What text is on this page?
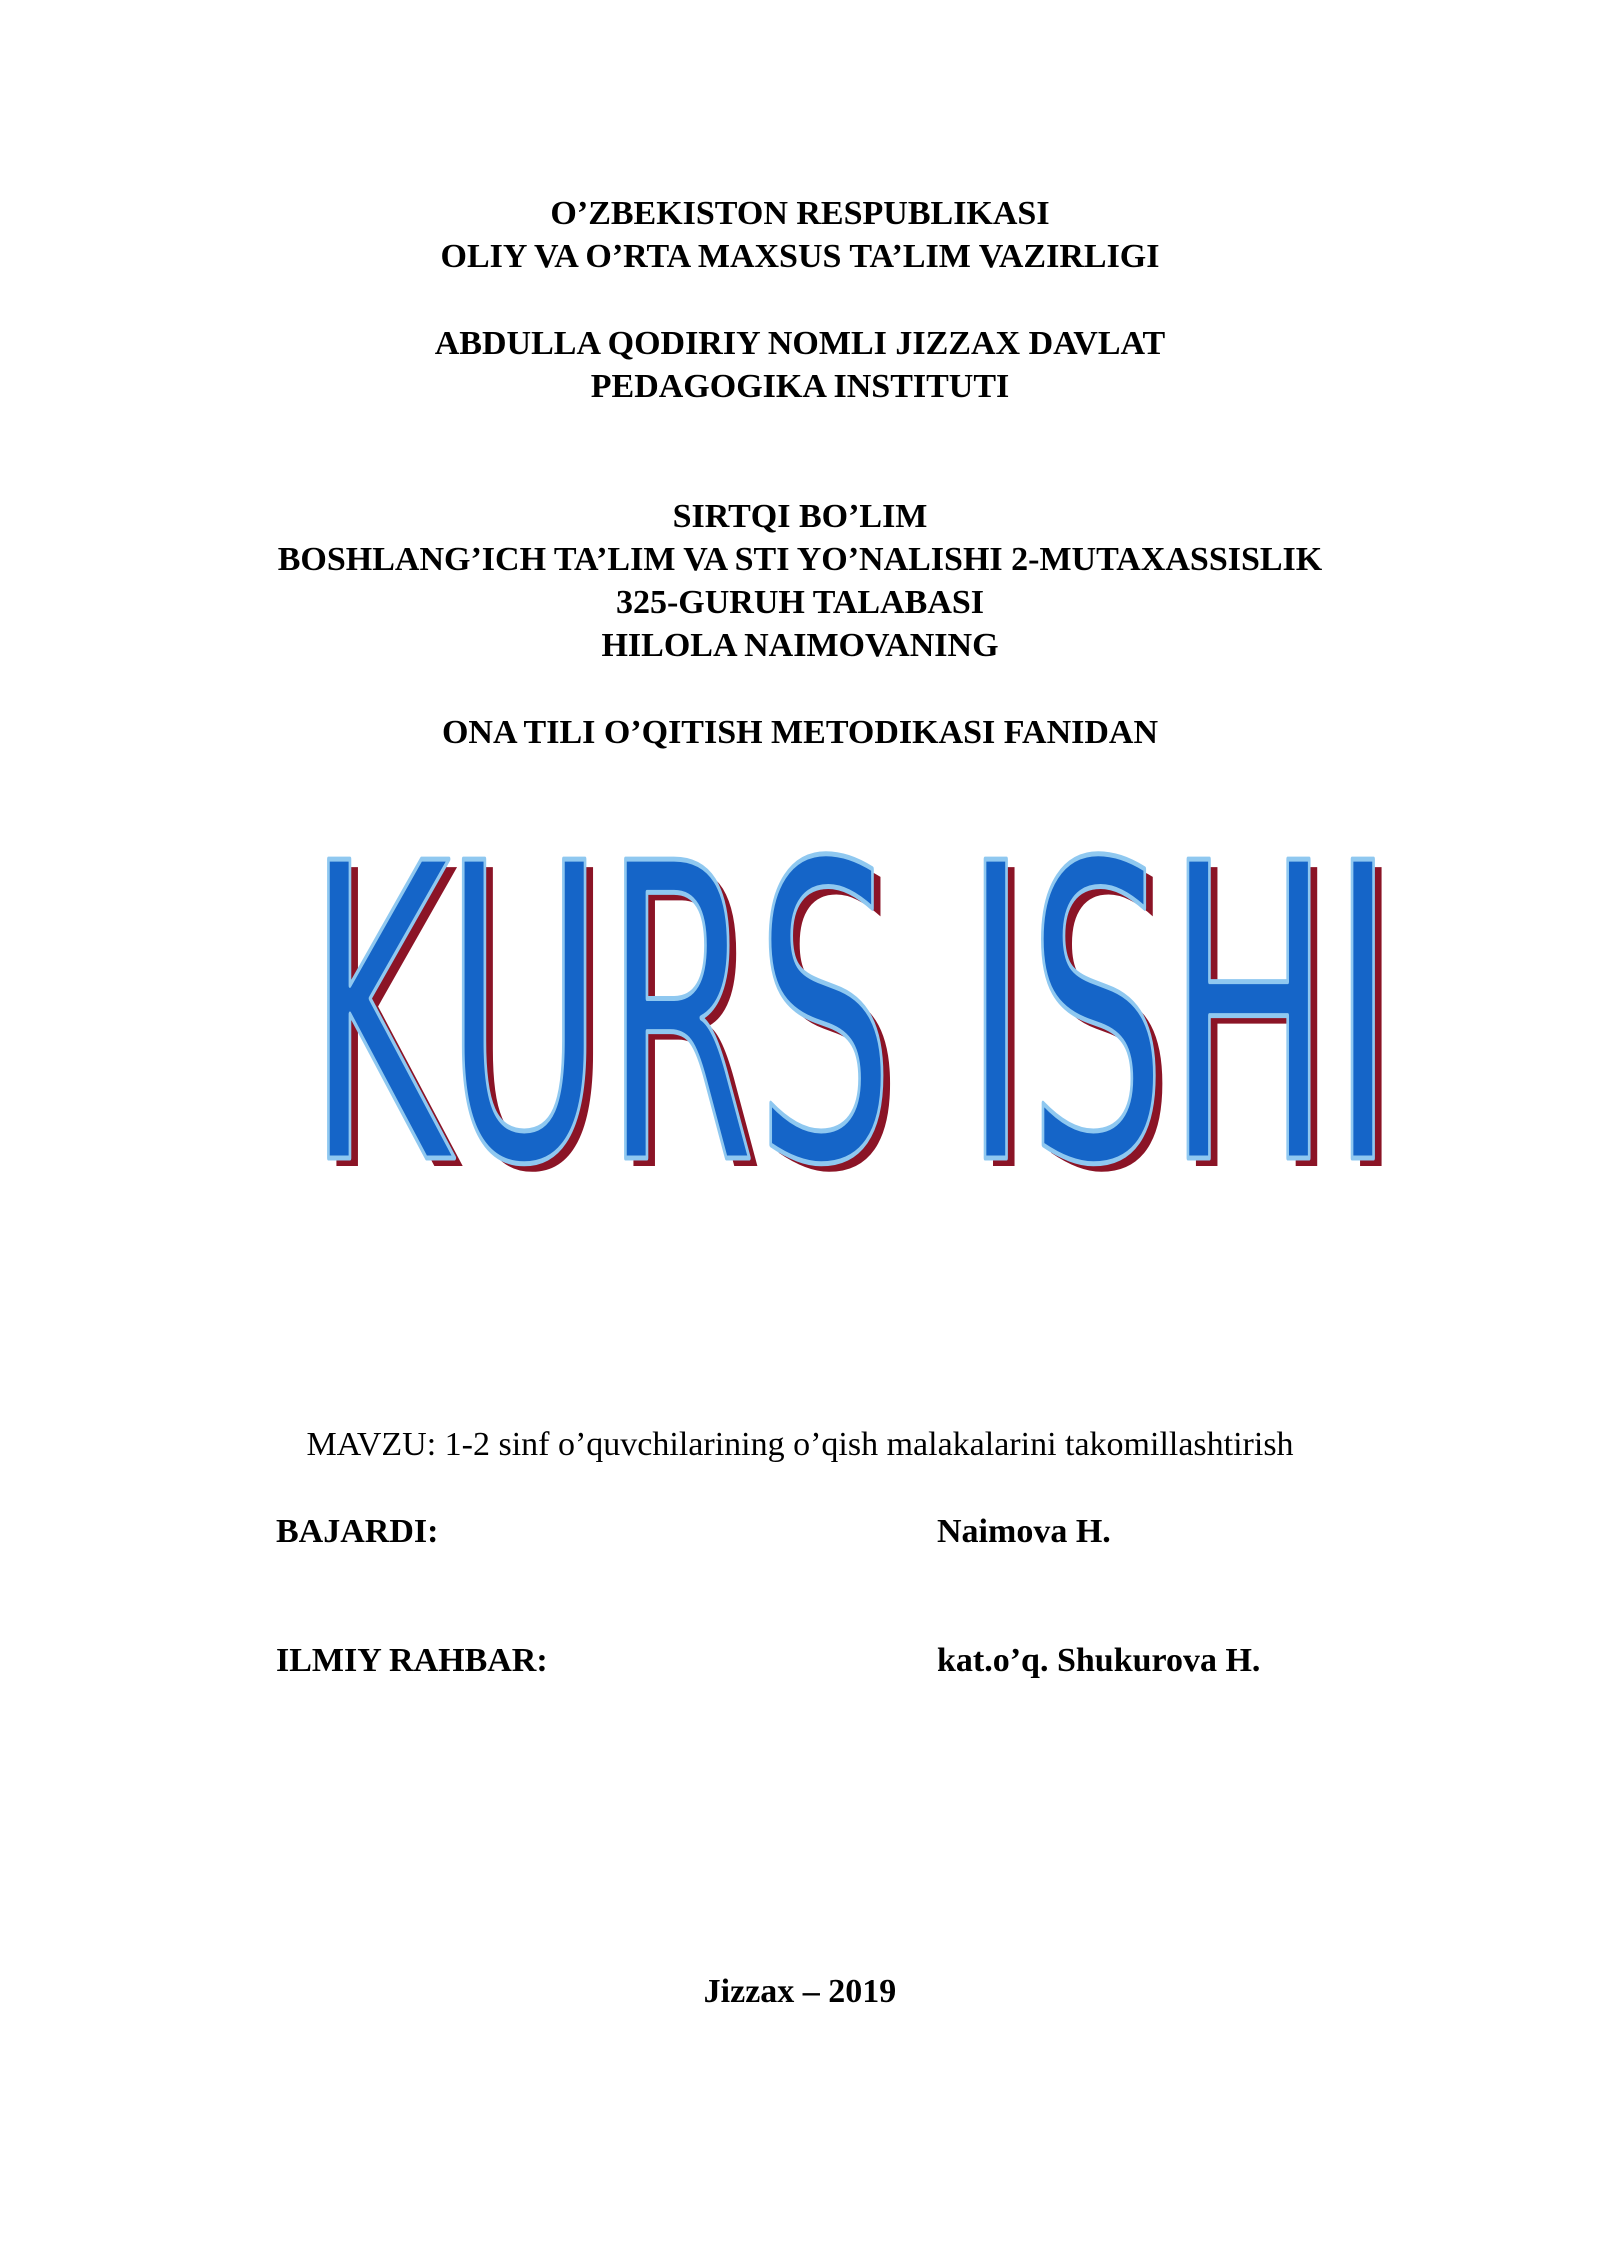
O’ZBEKISTON RESPUBLIKASI
OLIY VA O’RTA MAXSUS TA’LIM VAZIRLIGI
ABDULLA QODIRIY NOMLI JIZZAX DAVLAT
PEDAGOGIKA INSTITUTI
SIRTQI BO’LIM
BOSHLANG’ICH TA’LIM VA STI YO’NALISHI 2-MUTAXASSISLIK
325-GURUH TALABASI
HILOLA NAIMOVANING
ONA TILI O’QITISH METODIKASI FANIDAN
KURS ISHI
KURS ISHI
MAVZU: 1-2 sinf o’quvchilarining o’qish malakalarini takomillashtirish
BAJARDI:	Naimova H.
ILMIY RAHBAR:	kat.o’q. Shukurova H.
Jizzax – 2019
